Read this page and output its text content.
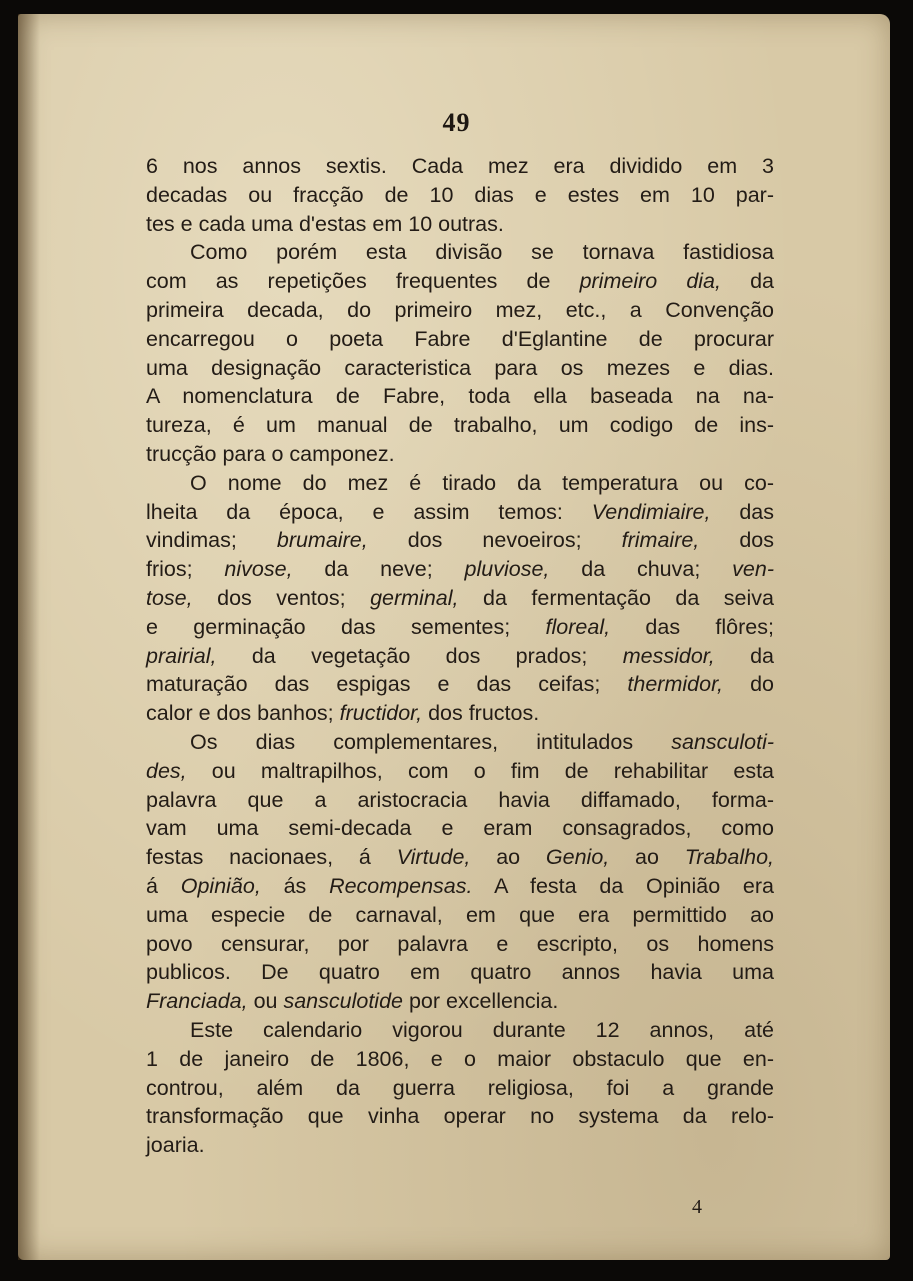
49
6 nos annos sextis. Cada mez era dividido em 3
decadas ou fracção de 10 dias e estes em 10 par-
tes e cada uma d'estas em 10 outras.
Como porém esta divisão se tornava fastidiosa
com as repetições frequentes de primeiro dia, da
primeira decada, do primeiro mez, etc., a Convenção
encarregou o poeta Fabre d'Eglantine de procurar
uma designação caracteristica para os mezes e dias.
A nomenclatura de Fabre, toda ella baseada na na-
tureza, é um manual de trabalho, um codigo de ins-
trucção para o camponez.
O nome do mez é tirado da temperatura ou co-
lheita da época, e assim temos: Vendimiaire, das
vindimas; brumaire, dos nevoeiros; frimaire, dos
frios; nivose, da neve; pluviose, da chuva; ven-
tose, dos ventos; germinal, da fermentação da seiva
e germinação das sementes; floreal, das flôres;
prairial, da vegetação dos prados; messidor, da
maturação das espigas e das ceifas; thermidor, do
calor e dos banhos; fructidor, dos fructos.
Os dias complementares, intitulados sansculoti-
des, ou maltrapilhos, com o fim de rehabilitar esta
palavra que a aristocracia havia diffamado, forma-
vam uma semi-decada e eram consagrados, como
festas nacionaes, á Virtude, ao Genio, ao Trabalho,
á Opinião, ás Recompensas. A festa da Opinião era
uma especie de carnaval, em que era permittido ao
povo censurar, por palavra e escripto, os homens
publicos. De quatro em quatro annos havia uma
Franciada, ou sansculotide por excellencia.
Este calendario vigorou durante 12 annos, até
1 de janeiro de 1806, e o maior obstaculo que en-
controu, além da guerra religiosa, foi a grande
transformação que vinha operar no systema da relo-
joaria.
4
